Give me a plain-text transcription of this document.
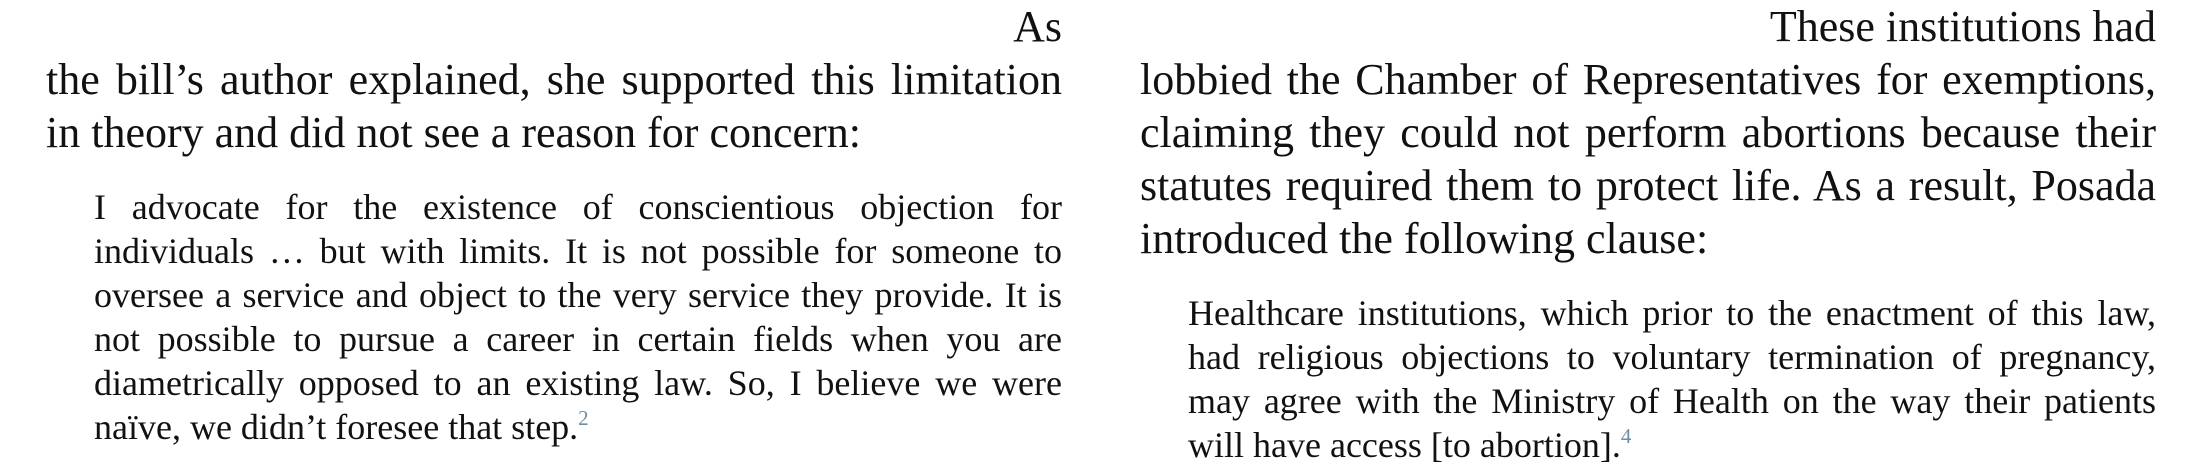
As

the bill’s author explained, she supported this limitation in theory and did not see a reason for concern:

I advocate for the existence of conscientious objection for individuals … but with limits. It is not possible for someone to oversee a service and object to the very service they provide. It is not possible to pursue a career in certain fields when you are diametrically opposed to an existing law. So, I believe we were naïve, we didn’t foresee that step.$^2$

These institutions had

lobbied the Chamber of Representatives for exemptions, claiming they could not perform abortions because their statutes required them to protect life. As a result, Posada introduced the following clause:

Healthcare institutions, which prior to the enactment of this law, had religious objections to voluntary termination of pregnancy, may agree with the Ministry of Health on the way their patients will have access [to abortion].$^4$
